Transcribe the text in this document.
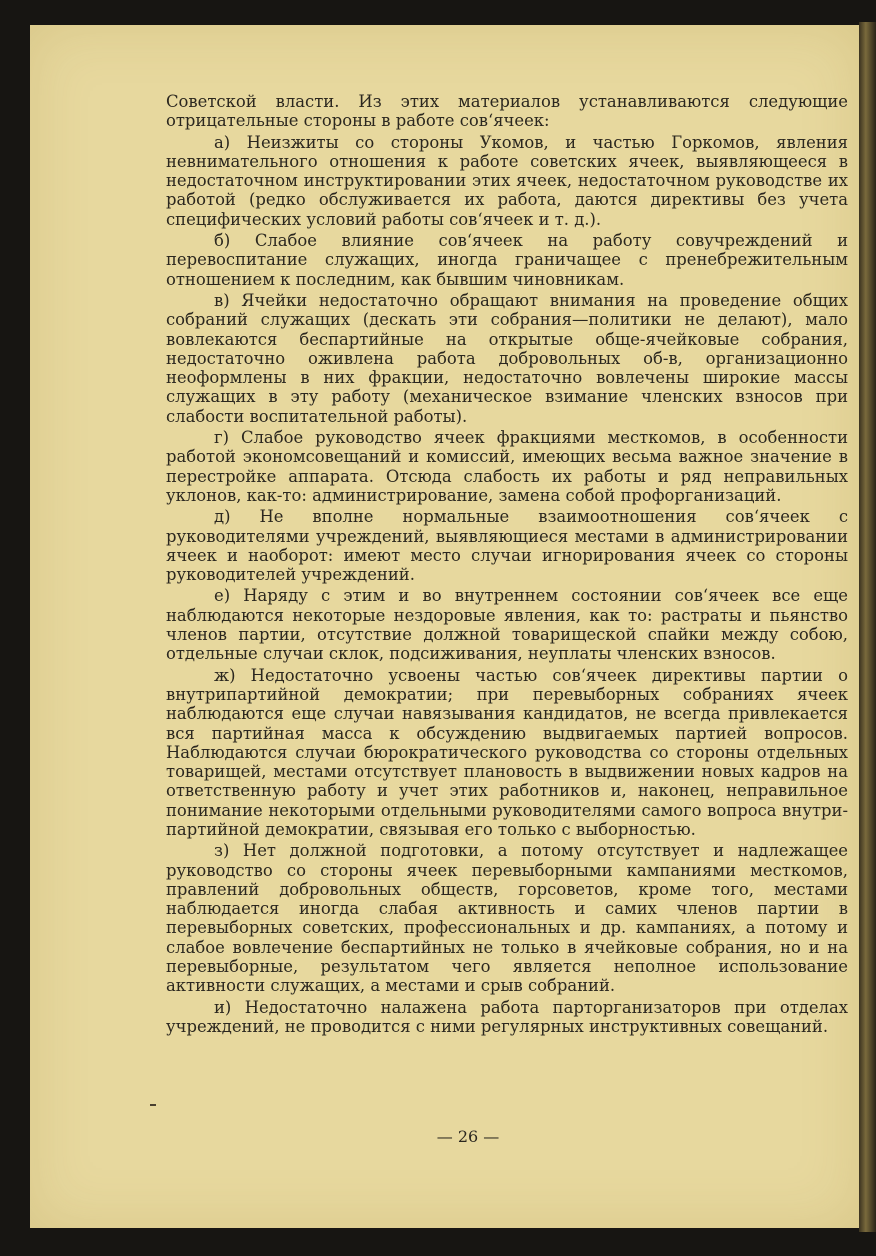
Советской власти. Из этих материалов устанавливаются следующие отрицательные стороны в работе сов‘ячеек:

а) Неизжиты со стороны Укомов, и частью Горкомов, явления невнимательного отношения к работе советских ячеек, выявляющееся в недостаточном инструктировании этих ячеек, недостаточном руководстве их работой (редко обслуживается их работа, даются директивы без учета специфических условий работы сов‘ячеек и т. д.).

б) Слабое влияние сов‘ячеек на работу совучреждений и перевоспитание служащих, иногда граничащее с пренебрежительным отношением к последним, как бывшим чиновникам.

в) Ячейки недостаточно обращают внимания на проведение общих собраний служащих (дескать эти собрания—политики не делают), мало вовлекаются беспартийные на открытые обще-ячейковые собрания, недостаточно оживлена работа добровольных об-в, организационно неоформлены в них фракции, недостаточно вовлечены широкие массы служащих в эту работу (механическое взимание членских взносов при слабости воспитательной работы).

г) Слабое руководство ячеек фракциями месткомов, в особенности работой экономсовещаний и комиссий, имеющих весьма важное значение в перестройке аппарата. Отсюда слабость их работы и ряд неправильных уклонов, как-то: администрирование, замена собой профорганизаций.

д) Не вполне нормальные взаимоотношения сов‘ячеек с руководителями учреждений, выявляющиеся местами в администрировании ячеек и наоборот: имеют место случаи игнорирования ячеек со стороны руководителей учреждений.

е) Наряду с этим и во внутреннем состоянии сов‘ячеек все еще наблюдаются некоторые нездоровые явления, как то: растраты и пьянство членов партии, отсутствие должной товарищеской спайки между собою, отдельные случаи склок, подсиживания, неуплаты членских взносов.

ж) Недостаточно усвоены частью сов‘ячеек директивы партии о внутрипартийной демократии; при перевыборных собраниях ячеек наблюдаются еще случаи навязывания кандидатов, не всегда привлекается вся партийная масса к обсуждению выдвигаемых партией вопросов. Наблюдаются случаи бюрократического руководства со стороны отдельных товарищей, местами отсутствует плановость в выдвижении новых кадров на ответственную работу и учет этих работников и, наконец, неправильное понимание некоторыми отдельными руководителями самого вопроса внутри-партийной демократии, связывая его только с выборностью.

з) Нет должной подготовки, а потому отсутствует и надлежащее руководство со стороны ячеек перевыборными кампаниями месткомов, правлений добровольных обществ, горсоветов, кроме того, местами наблюдается иногда слабая активность и самих членов партии в перевыборных советских, профессиональных и др. кампаниях, а потому и слабое вовлечение беспартийных не только в ячейковые собрания, но и на перевыборные, результатом чего является неполное использование активности служащих, а местами и срыв собраний.

и) Недостаточно налажена работа парторганизаторов при отделах учреждений, не проводится с ними регулярных инструктивных совещаний.

— 26 —
